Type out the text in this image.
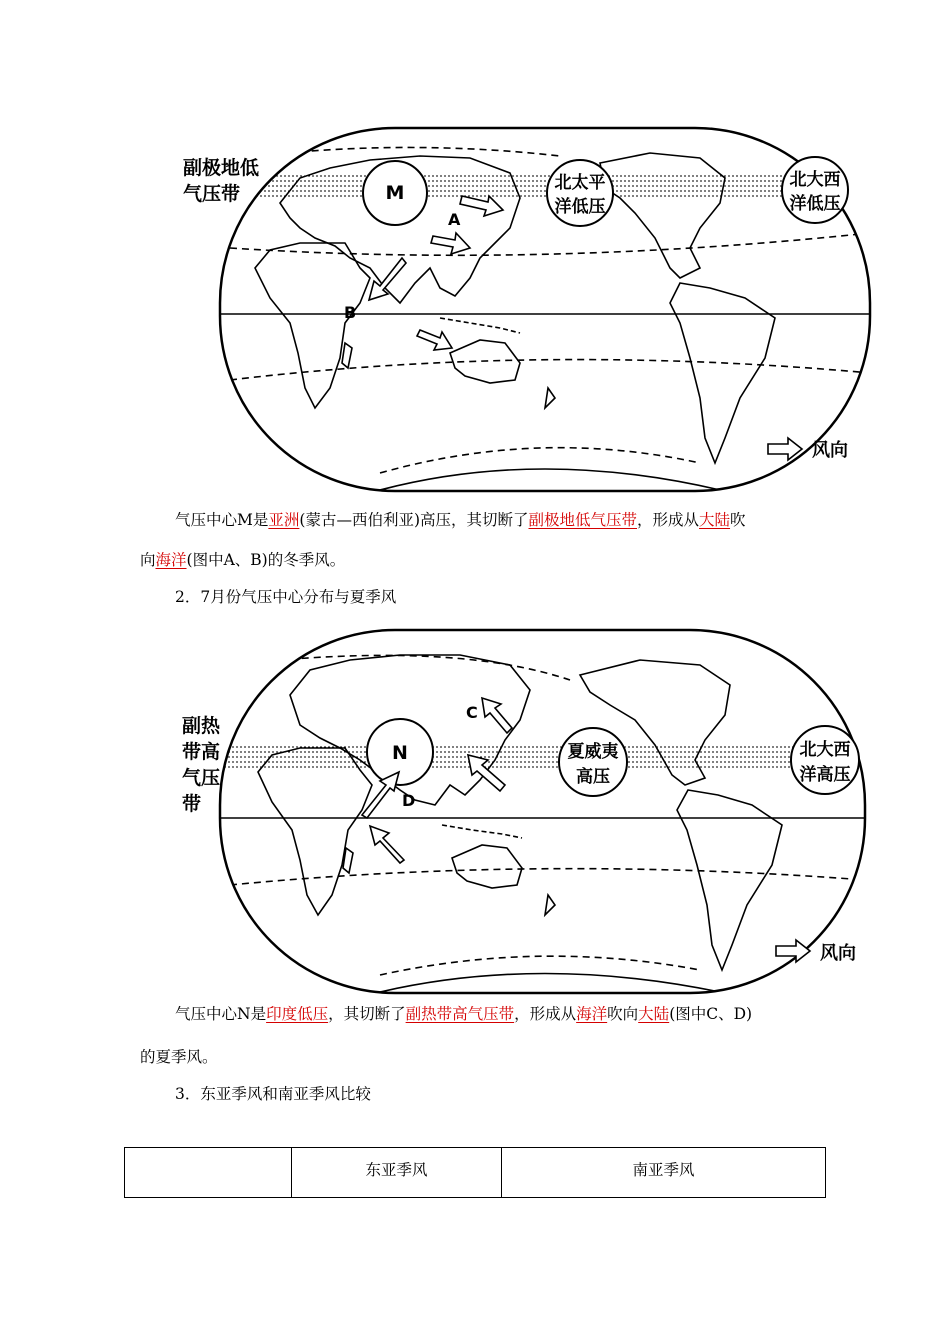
M	北太平
洋低压
北大西
洋低压
副极地低
气压带
A
B
风向
气压中心M是亚洲(蒙古—西伯利亚)高压，其切断了副极地低气压带，形成从大陆吹
向海洋(图中A、B)的冬季风。
2．7月份气压中心分布与夏季风
N	夏威夷
高压
北大西
洋高压
副热
带高
气压
带
C
D
风向
气压中心N是印度低压，其切断了副热带高气压带，形成从海洋吹向大陆(图中C、D)
的夏季风。
3．东亚季风和南亚季风比较
	东亚季风	南亚季风
